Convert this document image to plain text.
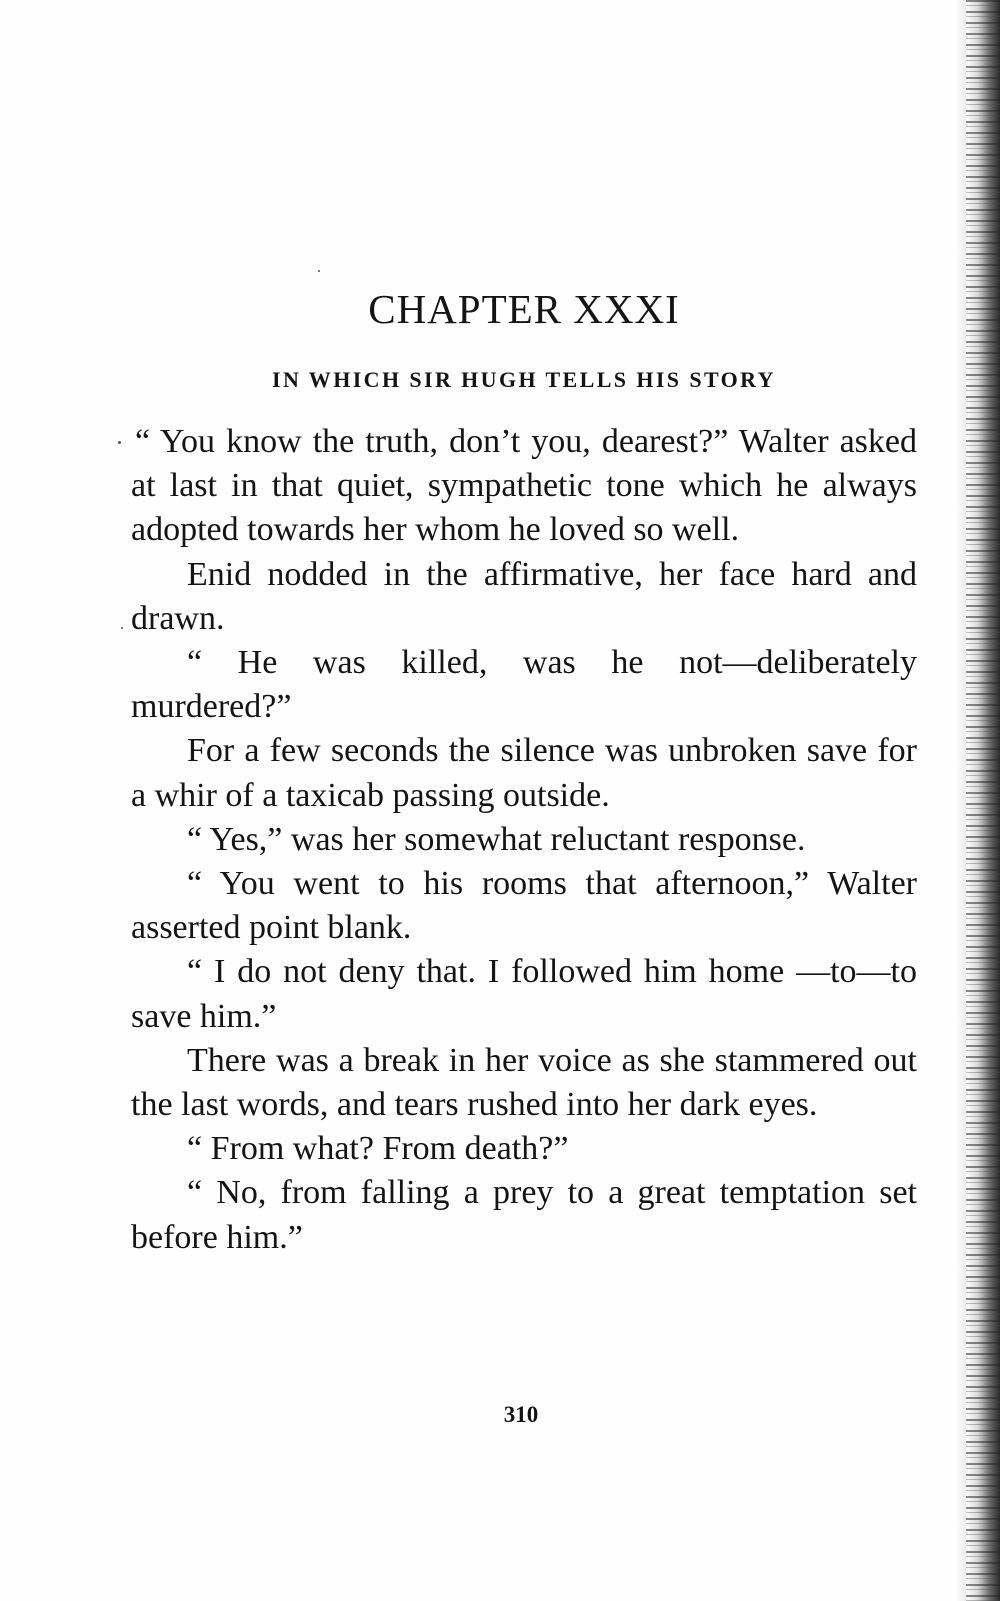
CHAPTER XXXI
IN WHICH SIR HUGH TELLS HIS STORY

“ You know the truth, don’t you, dearest?” Walter asked at last in that quiet, sympathetic tone which he always adopted towards her whom he loved so well.

Enid nodded in the affirmative, her face hard and drawn.

“ He was killed, was he not—deliberately murdered?”

For a few seconds the silence was unbroken save for a whir of a taxicab passing outside.

“ Yes,” was her somewhat reluctant response.

“ You went to his rooms that afternoon,” Walter asserted point blank.

“ I do not deny that. I followed him home —to—to save him.”

There was a break in her voice as she stammered out the last words, and tears rushed into her dark eyes.

“ From what? From death?”

“ No, from falling a prey to a great temptation set before him.”

310
